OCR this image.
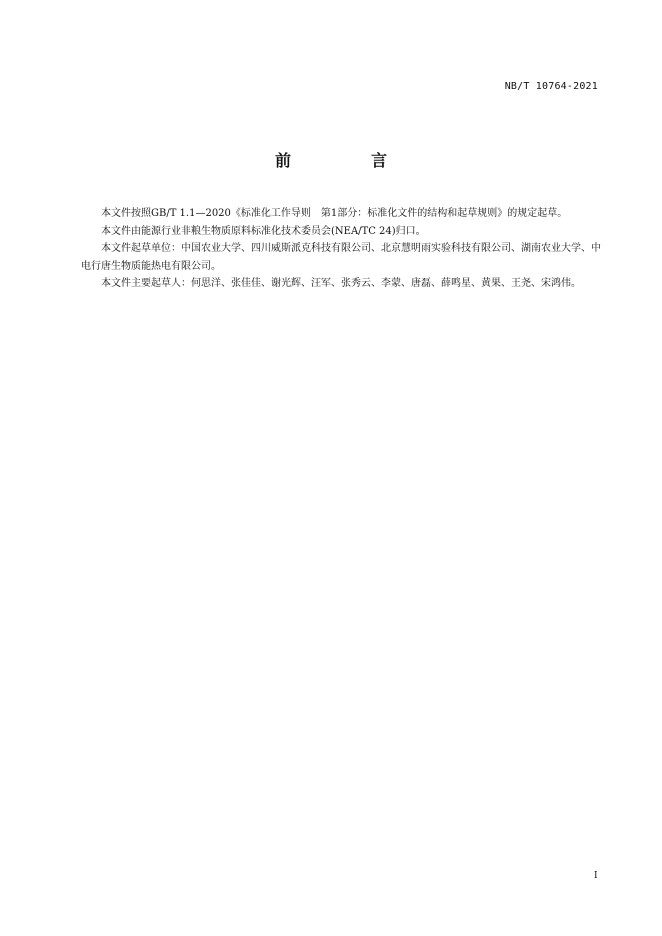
NB/T 10764-2021
前　言

本文件按照GB/T 1.1—2020《标准化工作导则　第1部分：标准化文件的结构和起草规则》的规定起草。

本文件由能源行业非粮生物质原料标准化技术委员会(NEA/TC 24)归口。

本文件起草单位：中国农业大学、四川威斯派克科技有限公司、北京慧明雨实验科技有限公司、湖南农业大学、中电行唐生物质能热电有限公司。

本文件主要起草人：何思洋、张佳佳、谢光辉、汪军、张秀云、李蒙、唐磊、薛鸣星、黄果、王尧、宋鸿伟。

I
